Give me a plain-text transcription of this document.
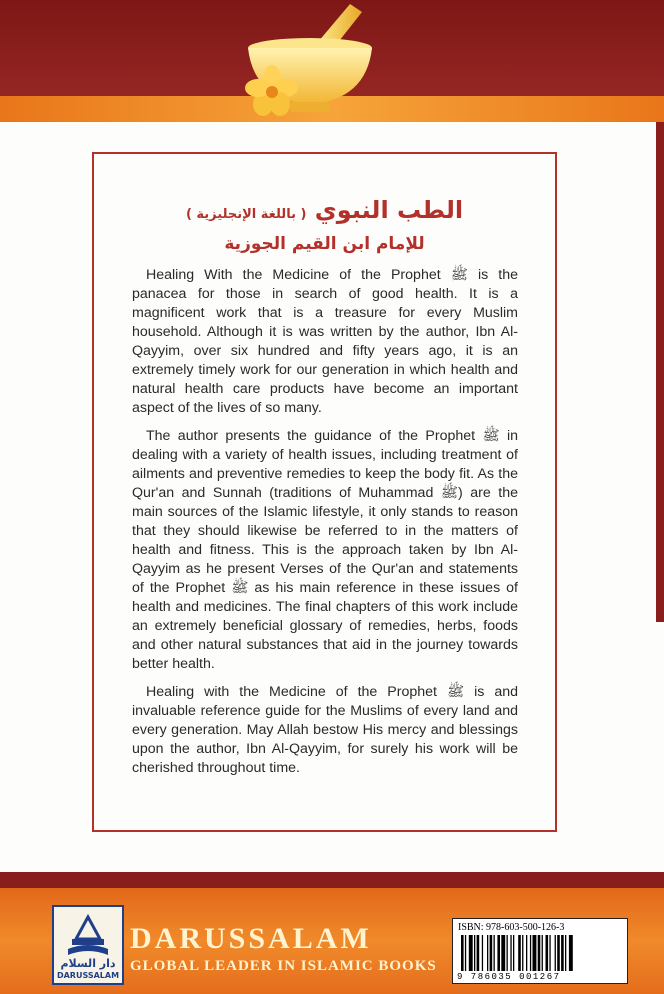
الطب النبوي ( باللغة الإنجليزية )
للإمام ابن القيم الجوزية

Healing With the Medicine of the Prophet ﷺ is the panacea for those in search of good health. It is a magnificent work that is a treasure for every Muslim household. Although it is was written by the author, Ibn Al-Qayyim, over six hundred and fifty years ago, it is an extremely timely work for our generation in which health and natural health care products have become an important aspect of the lives of so many.

The author presents the guidance of the Prophet ﷺ in dealing with a variety of health issues, including treatment of ailments and preventive remedies to keep the body fit. As the Qur'an and Sunnah (traditions of Muhammad ﷺ) are the main sources of the Islamic lifestyle, it only stands to reason that they should likewise be referred to in the matters of health and fitness. This is the approach taken by Ibn Al-Qayyim as he present Verses of the Qur'an and statements of the Prophet ﷺ as his main reference in these issues of health and medicines. The final chapters of this work include an extremely beneficial glossary of remedies, herbs, foods and other natural substances that aid in the journey towards better health.

Healing with the Medicine of the Prophet ﷺ is and invaluable reference guide for the Muslims of every land and every generation. May Allah bestow His mercy and blessings upon the author, Ibn Al-Qayyim, for surely his work will be cherished throughout time.

دار السلام
DARUSSALAM
DARUSSALAM
GLOBAL LEADER IN ISLAMIC BOOKS
ISBN: 978-603-500-126-3
9 786035 001267
